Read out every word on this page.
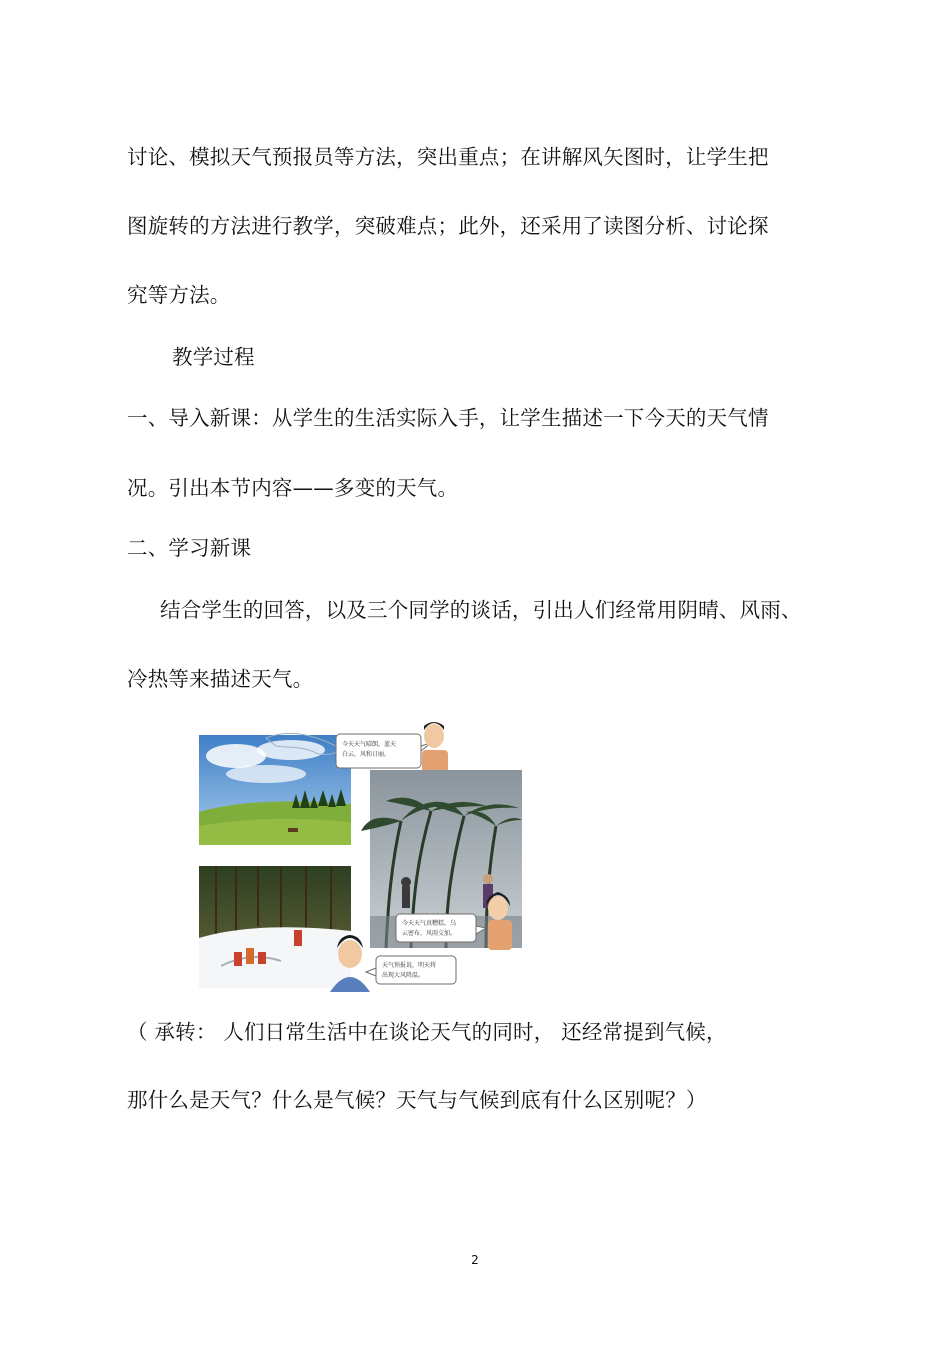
讨论、模拟天气预报员等方法，突出重点；在讲解风矢图时，让学生把
图旋转的方法进行教学，突破难点；此外，还采用了读图分析、讨论探
究等方法。
教学过程
一、导入新课：从学生的生活实际入手，让学生描述一下今天的天气情
况。引出本节内容——多变的天气。
二、学习新课
结合学生的回答，以及三个同学的谈话，引出人们经常用阴晴、风雨、
冷热等来描述天气。
今天天气晴朗，蓝天
白云，风和日丽。
今天天气真糟糕，乌
云密布，风雨交加。
天气预报说，明天将
出现大风降温。
（ 承转： 人们日常生活中在谈论天气的同时， 还经常提到气候，
那什么是天气？什么是气候？天气与气候到底有什么区别呢？）
2
